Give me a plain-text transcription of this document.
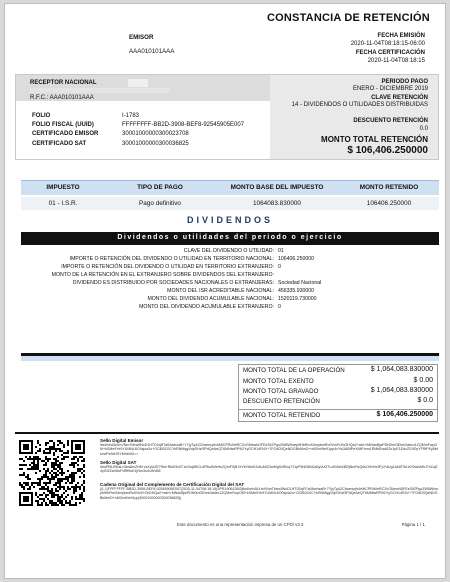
CONSTANCIA DE RETENCIÓN
EMISOR
AAA010101AAA
FECHA EMISIÓN
2020-11-04T08:18:15-06:00
FECHA CERTIFICACIÓN
2020-11-04T08:18:15
RECEPTOR NACIONAL
R.F.C.: AAA010101AAA
FOLIO	I-1783
FOLIO FISCAL (UUID)	FFFFFFFF-BB2D-3908-BEF8-92545905E007
CERTIFICADO EMISOR	30001000000300023708
CERTIFICADO SAT	30001000000300036825
PERIODO PAGO
ENERO - DICIEMBRE 2019
CLAVE RETENCIÓN
14 - DIVIDENDOS O UTILIDADES DISTRIBUIDAS
DESCUENTO RETENCIÓN
0.0
MONTO TOTAL RETENCIÓN
$ 106,406.250000
IMPUESTO	TIPO DE PAGO	MONTO BASE DEL IMPUESTO	MONTO RETENIDO
01 - I.S.R.	Pago definitivo	1064083.830000	106406.250000
DIVIDENDOS
Dividendos o utilidades del periodo o ejercicio
CLAVE DEL DIVIDENDO O UTILIDAD: 01
IMPORTE O RETENCIÓN DEL DIVIDENDO O UTILIDAD EN TERRITORIO NACIONAL: 106406.250000
IMPORTE O RETENCIÓN DEL DIVIDENDO O UTILIDAD EN TERRITORIO EXTRANJERO: 0
MONTO DE LA RETENCIÓN EN EL EXTRANJERO SOBRE DIVIDENDOS DEL EXTRANJERO:
DIVIDENDO ES DISTRIBUIDO POR SOCIEDADES NACIONALES O EXTRANJERAS: Sociedad Nacional
MONTO DEL ISR ACREDITABLE NACIONAL: 456335.930000
MONTO DEL DIVIDENDO ACUMULABLE NACIONAL: 1520119.730000
MONTO DEL DIVIDENDO ACUMULABLE EXTRANJERO: 0
MONTO TOTAL DE LA OPERACIÓN	$ 1,064,083.830000
MONTO TOTAL EXENTO	$ 0.00
MONTO TOTAL GRAVADO	$ 1,064,083.830000
DESCUENTO RETENCIÓN	$ 0.0
MONTO TOTAL RETENIDO	$ 106,406.250000
Sello Digital Emisor
lbsf/mh4AXmVNmTbtrw5NxD1HTD0qR7a0AwhzaB+7YjyTyAZCbwmcyfr4rMlCPRdVeRCZvGMewhDFEe39ZPgoZW8WhwyMHbRmS4mpbmRo0VmFrZbGHQa2+wkl+rMNdxBjwPDN0mOEhrb3aiIxx1ZQMmFwpOM+kSMe9Ye9YUMNL6O0sjxa2u+OCiB0C0CYkRNMqgVdpSHzf3PdQeAeQT6MNtwRP9i2YyGCH14R4V+7FOdD0QeNDGBkMmD+nM3mIHe91pp4vYw3ABfPeXMtFmm1RMkEwa0Zo1pE1EdxZG9DyYFRfFKy5btkcwPe9cHSYMhb0tX==
Sello Digital SAT
hbuPMiJ9KaLr0kw8mZH6+vzXyU2E7f9a+RkM3x0T1nGrq5BCLdP8v4WeHs2QmF0jN7eVbYt6oK2dIuA9Z3wMgSxRlcqTJ1pP5hE8fnDa0yVuG7LxKt4sWiB2jNmRzQ6cO9vHe3FpYdUg1Ak8T5rLbX0wIsMhJ7nCqE4yGt2ZaV6uPdRf9oK1jNm3sXcWvB8
Cadena Original del Complemento de Certificación Digital del SAT
||1.1|FFFFFFFF-BB2D-3908-BEF8-92545905E007|2020-11-04T08:18:15|SPR190613I52|lbsf/mh4AXmVNmTbtrw5NxD1HTD0qR7a0AwhzaB+7YjyTyAZCbwmcyfr4rMlCPRdVeRCZvGMewhDFEe39ZPgoZW8WhwyMHbRmS4mpbmRo0VmFrZbGHQa2+wkl+rMNdxBjwPDN0mOEhrb3aiIxx1ZQMmFwpOM+kSMe9Ye9YUMNL6O0sjxa2u+OCiB0C0CYkRNMqgVdpSHzf3PdQeAeQT6MNtwRP9i2YyGCH14R4V+7FOdD0QeNDGBkMmD+nM3mIHe91pp|30001000000300036825||
Este documento es una representación impresa de un CFDI v3.3	Página 1 / 1
